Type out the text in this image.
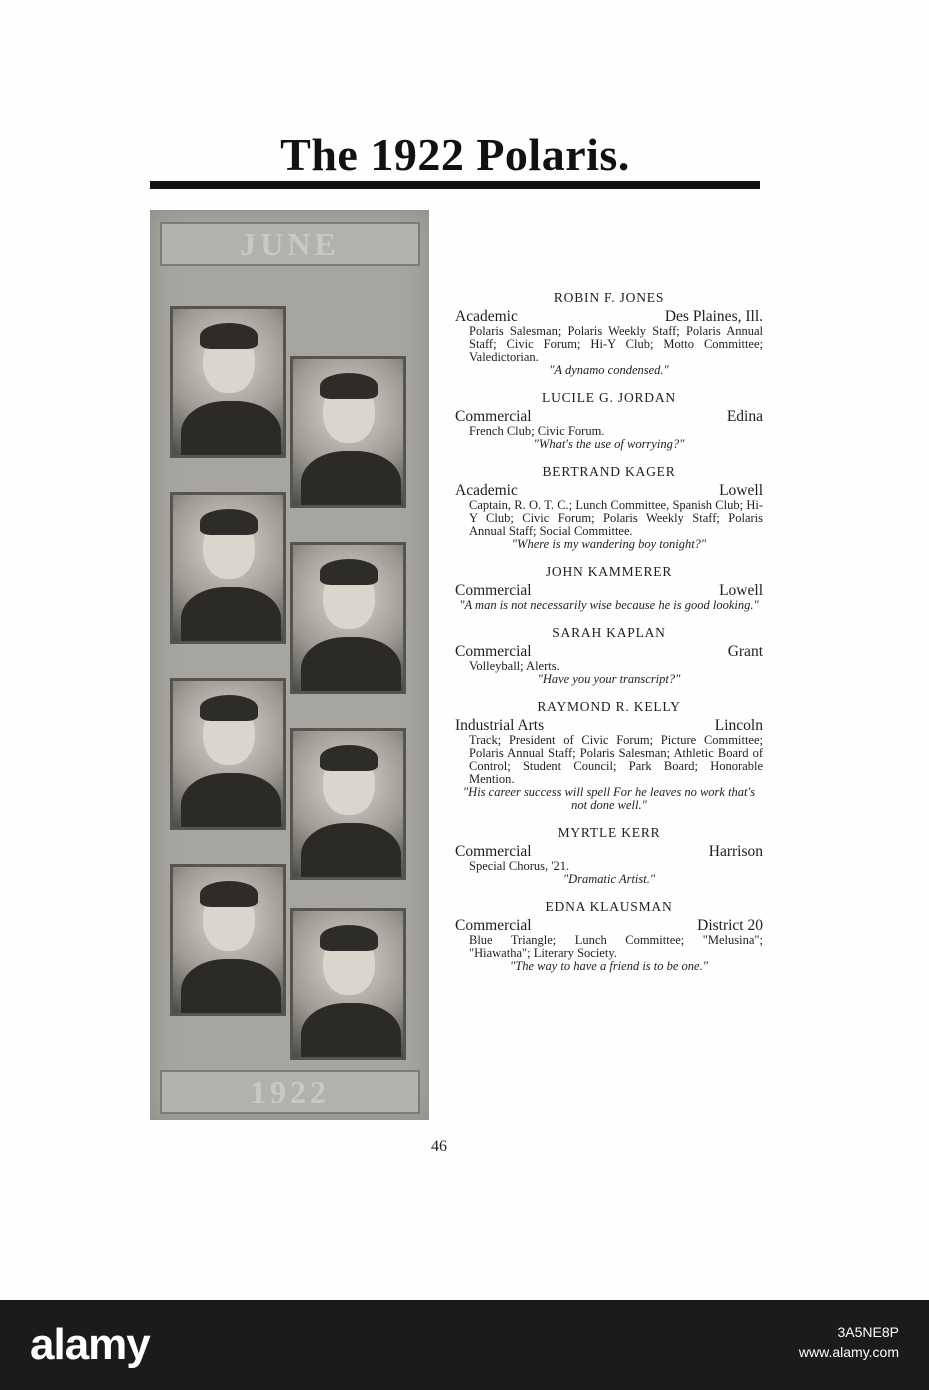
The 1922 Polaris.
JUNE
1922
ROBIN F. JONES
Academic	Des Plaines, Ill.
Polaris Salesman; Polaris Weekly Staff; Polaris Annual Staff; Civic Forum; Hi-Y Club; Motto Committee; Valedictorian.
"A dynamo condensed."
LUCILE G. JORDAN
Commercial	Edina
French Club; Civic Forum.
"What's the use of worrying?"
BERTRAND KAGER
Academic	Lowell
Captain, R. O. T. C.; Lunch Committee, Spanish Club; Hi-Y Club; Civic Forum; Polaris Weekly Staff; Polaris Annual Staff; Social Committee.
"Where is my wandering boy tonight?"
JOHN KAMMERER
Commercial	Lowell
"A man is not necessarily wise because he is good looking."
SARAH KAPLAN
Commercial	Grant
Volleyball; Alerts.
"Have you your transcript?"
RAYMOND R. KELLY
Industrial Arts	Lincoln
Track; President of Civic Forum; Picture Committee; Polaris Annual Staff; Polaris Salesman; Athletic Board of Control; Student Council; Park Board; Honorable Mention.
"His career success will spell For he leaves no work that's not done well."
MYRTLE KERR
Commercial	Harrison
Special Chorus, '21.
"Dramatic Artist."
EDNA KLAUSMAN
Commercial	District 20
Blue Triangle; Lunch Committee; "Melusina"; "Hiawatha"; Literary Society.
"The way to have a friend is to be one."
46
alamy	3A5NE8P
www.alamy.com
